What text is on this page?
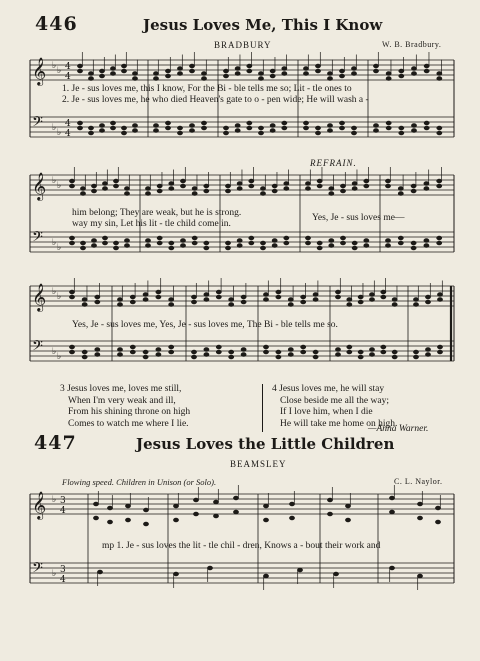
446	Jesus Loves Me, This I Know
BRADBURY	W. B. Bradbury.
𝄞
𝄢
♭ ♭
♭ ♭
4
4
4
4
𝄞
𝄢
♭ ♭
♭ ♭
𝄞
𝄢
♭ ♭
♭ ♭
𝄞
𝄢
♭
♭
3
4
3
4
1. Je - sus loves me, this I know, For the Bi - ble tells me so; Lit - tle ones to
2. Je - sus loves me, he who died Heaven's gate to o - pen wide; He will wash a -
REFRAIN.
him belong; They are weak, but he is strong.
way my sin, Let his lit - tle child come in.
Yes, Je - sus loves me—
Yes, Je - sus loves me, Yes, Je - sus loves me, The Bi - ble tells me so.
3 Jesus loves me, loves me still,
When I'm very weak and ill,
From his shining throne on high
Comes to watch me where I lie.
4 Jesus loves me, he will stay
Close beside me all the way;
If I love him, when I die
He will take me home on high.
—Anna Warner.
447	Jesus Loves the Little Children
BEAMSLEY
Flowing speed. Children in Unison (or Solo).	C. L. Naylor.
mp 1. Je - sus loves the lit - tle chil - dren, Knows a - bout their work and
